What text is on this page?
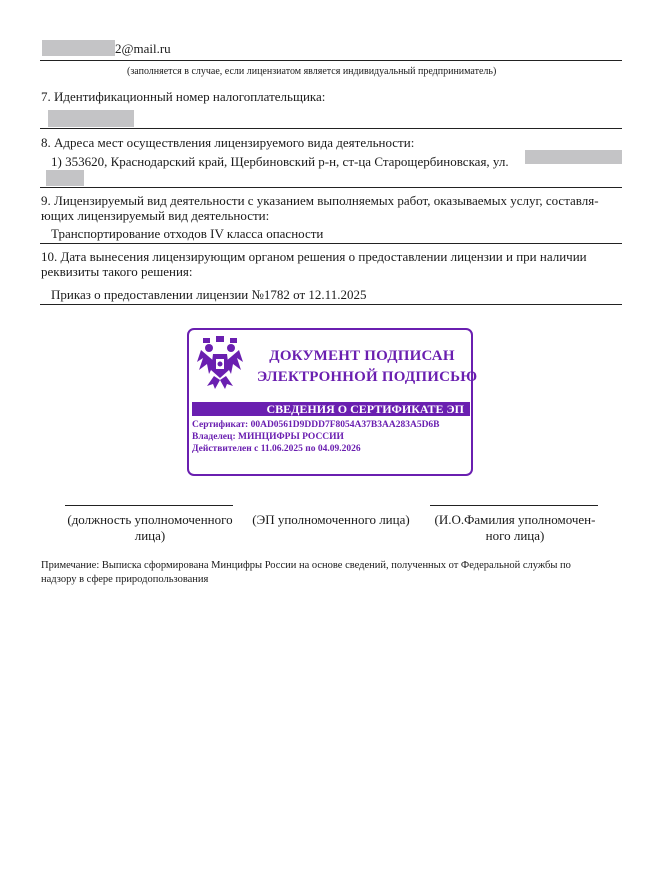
2@mail.ru
(заполняется в случае, если лицензиатом является индивидуальный предприниматель)
7. Идентификационный номер налогоплательщика:
8. Адреса мест осуществления лицензируемого вида деятельности:
1) 353620, Краснодарский край, Щербиновский р-н, ст-ца Старощербиновская, ул.
9. Лицензируемый вид деятельности с указанием выполняемых работ, оказываемых услуг, составля-
ющих лицензируемый вид деятельности:
Транспортирование отходов IV класса опасности
10. Дата вынесения лицензирующим органом решения о предоставлении лицензии и при наличии
реквизиты такого решения:
Приказ о предоставлении лицензии №1782 от 12.11.2025
ДОКУМЕНТ ПОДПИСАН
ЭЛЕКТРОННОЙ ПОДПИСЬЮ
СВЕДЕНИЯ О СЕРТИФИКАТЕ ЭП
Сертификат: 00AD0561D9DDD7F8054A37B3AA283A5D6B
Владелец: МИНЦИФРЫ РОССИИ
Действителен с 11.06.2025 по 04.09.2026
(должность уполномоченного
лица)
(ЭП уполномоченного лица)	(И.О.Фамилия уполномочен-
ного лица)
Примечание: Выписка сформирована Минцифры России на основе сведений, полученных от Федеральной службы по
надзору в сфере природопользования
